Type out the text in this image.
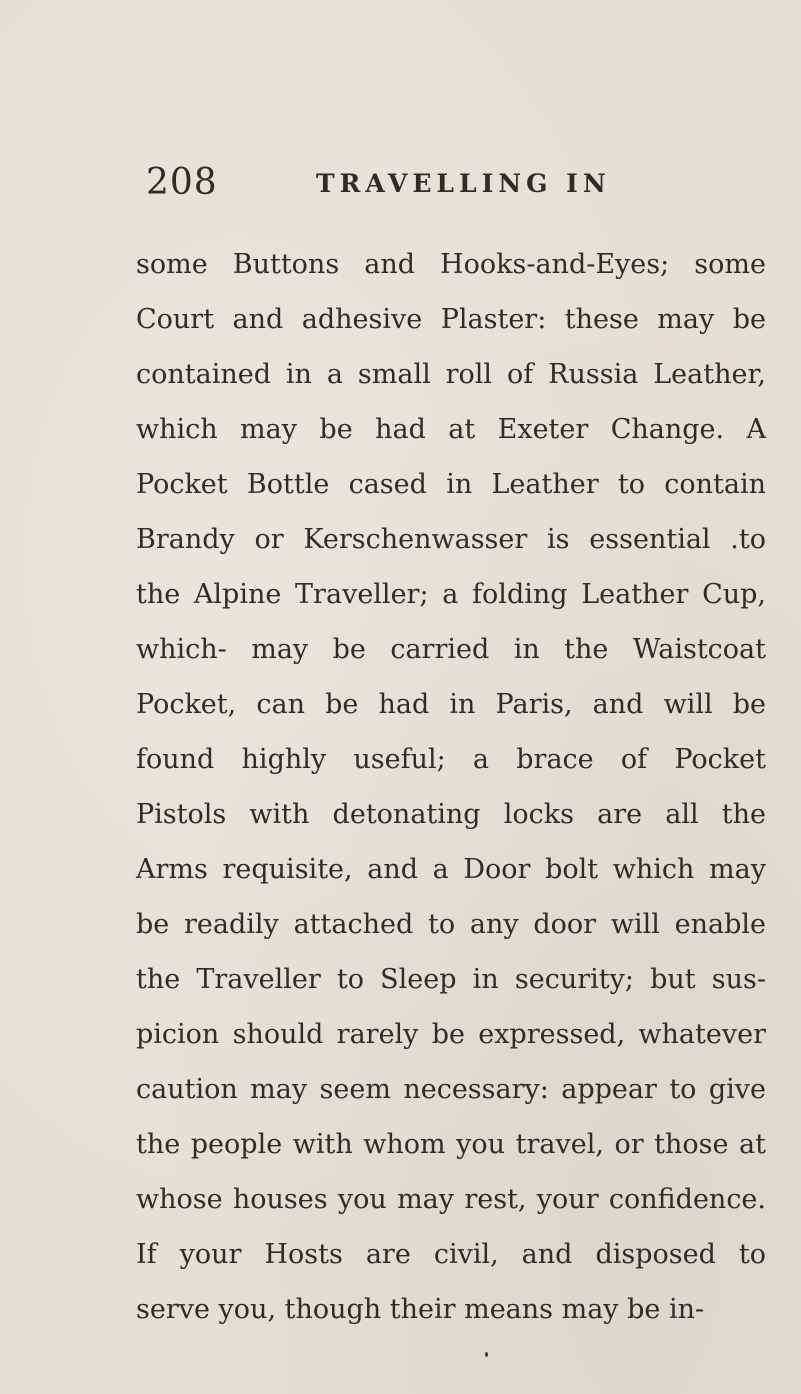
208	TRAVELLING IN
some Buttons and Hooks-and-Eyes; some
Court and adhesive Plaster: these may be
contained in a small roll of Russia Leather,
which may be had at Exeter Change. A
Pocket Bottle cased in Leather to contain
Brandy or Kerschenwasser is essential .to
the Alpine Traveller; a folding Leather Cup,
which- may be carried in the Waistcoat
Pocket, can be had in Paris, and will be
found highly useful; a brace of Pocket
Pistols with detonating locks are all the
Arms requisite, and a Door bolt which may
be readily attached to any door will enable
the Traveller to Sleep in security; but sus-
picion should rarely be expressed, whatever
caution may seem necessary: appear to give
the people with whom you travel, or those at
whose houses you may rest, your confidence.
If your Hosts are civil, and disposed to
serve you, though their means may be in-
